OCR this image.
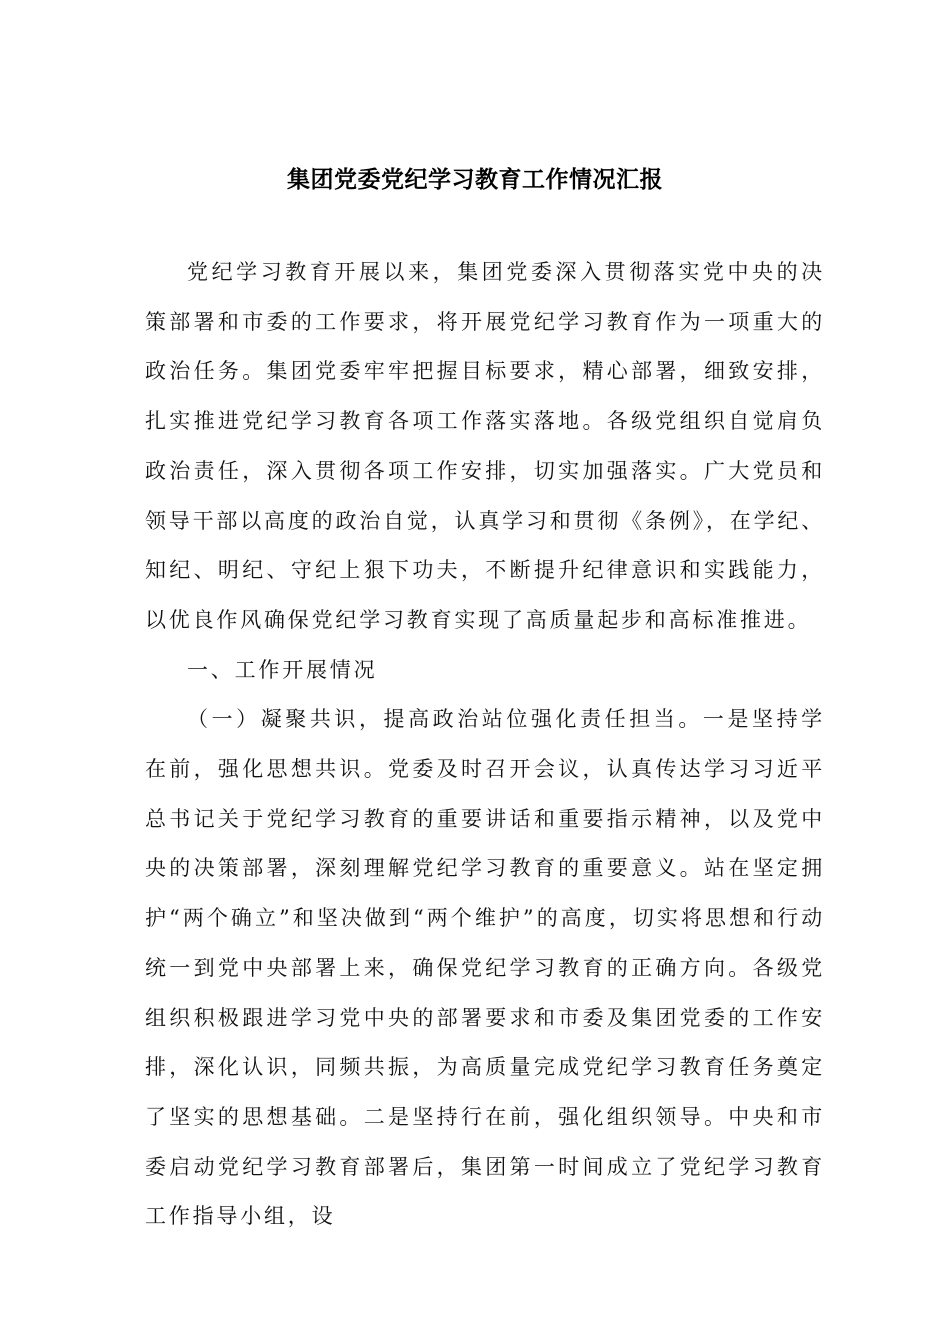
集团党委党纪学习教育工作情况汇报

党纪学习教育开展以来，集团党委深入贯彻落实党中央的决策部署和市委的工作要求，将开展党纪学习教育作为一项重大的政治任务。集团党委牢牢把握目标要求，精心部署，细致安排，扎实推进党纪学习教育各项工作落实落地。各级党组织自觉肩负政治责任，深入贯彻各项工作安排，切实加强落实。广大党员和领导干部以高度的政治自觉，认真学习和贯彻《条例》，在学纪、知纪、明纪、守纪上狠下功夫，不断提升纪律意识和实践能力，以优良作风确保党纪学习教育实现了高质量起步和高标准推进。

一、工作开展情况

（一）凝聚共识，提高政治站位强化责任担当。一是坚持学在前，强化思想共识。党委及时召开会议，认真传达学习习近平总书记关于党纪学习教育的重要讲话和重要指示精神，以及党中央的决策部署，深刻理解党纪学习教育的重要意义。站在坚定拥护“两个确立”和坚决做到“两个维护”的高度，切实将思想和行动统一到党中央部署上来，确保党纪学习教育的正确方向。各级党组织积极跟进学习党中央的部署要求和市委及集团党委的工作安排，深化认识，同频共振，为高质量完成党纪学习教育任务奠定了坚实的思想基础。二是坚持行在前，强化组织领导。中央和市委启动党纪学习教育部署后，集团第一时间成立了党纪学习教育工作指导小组，设
